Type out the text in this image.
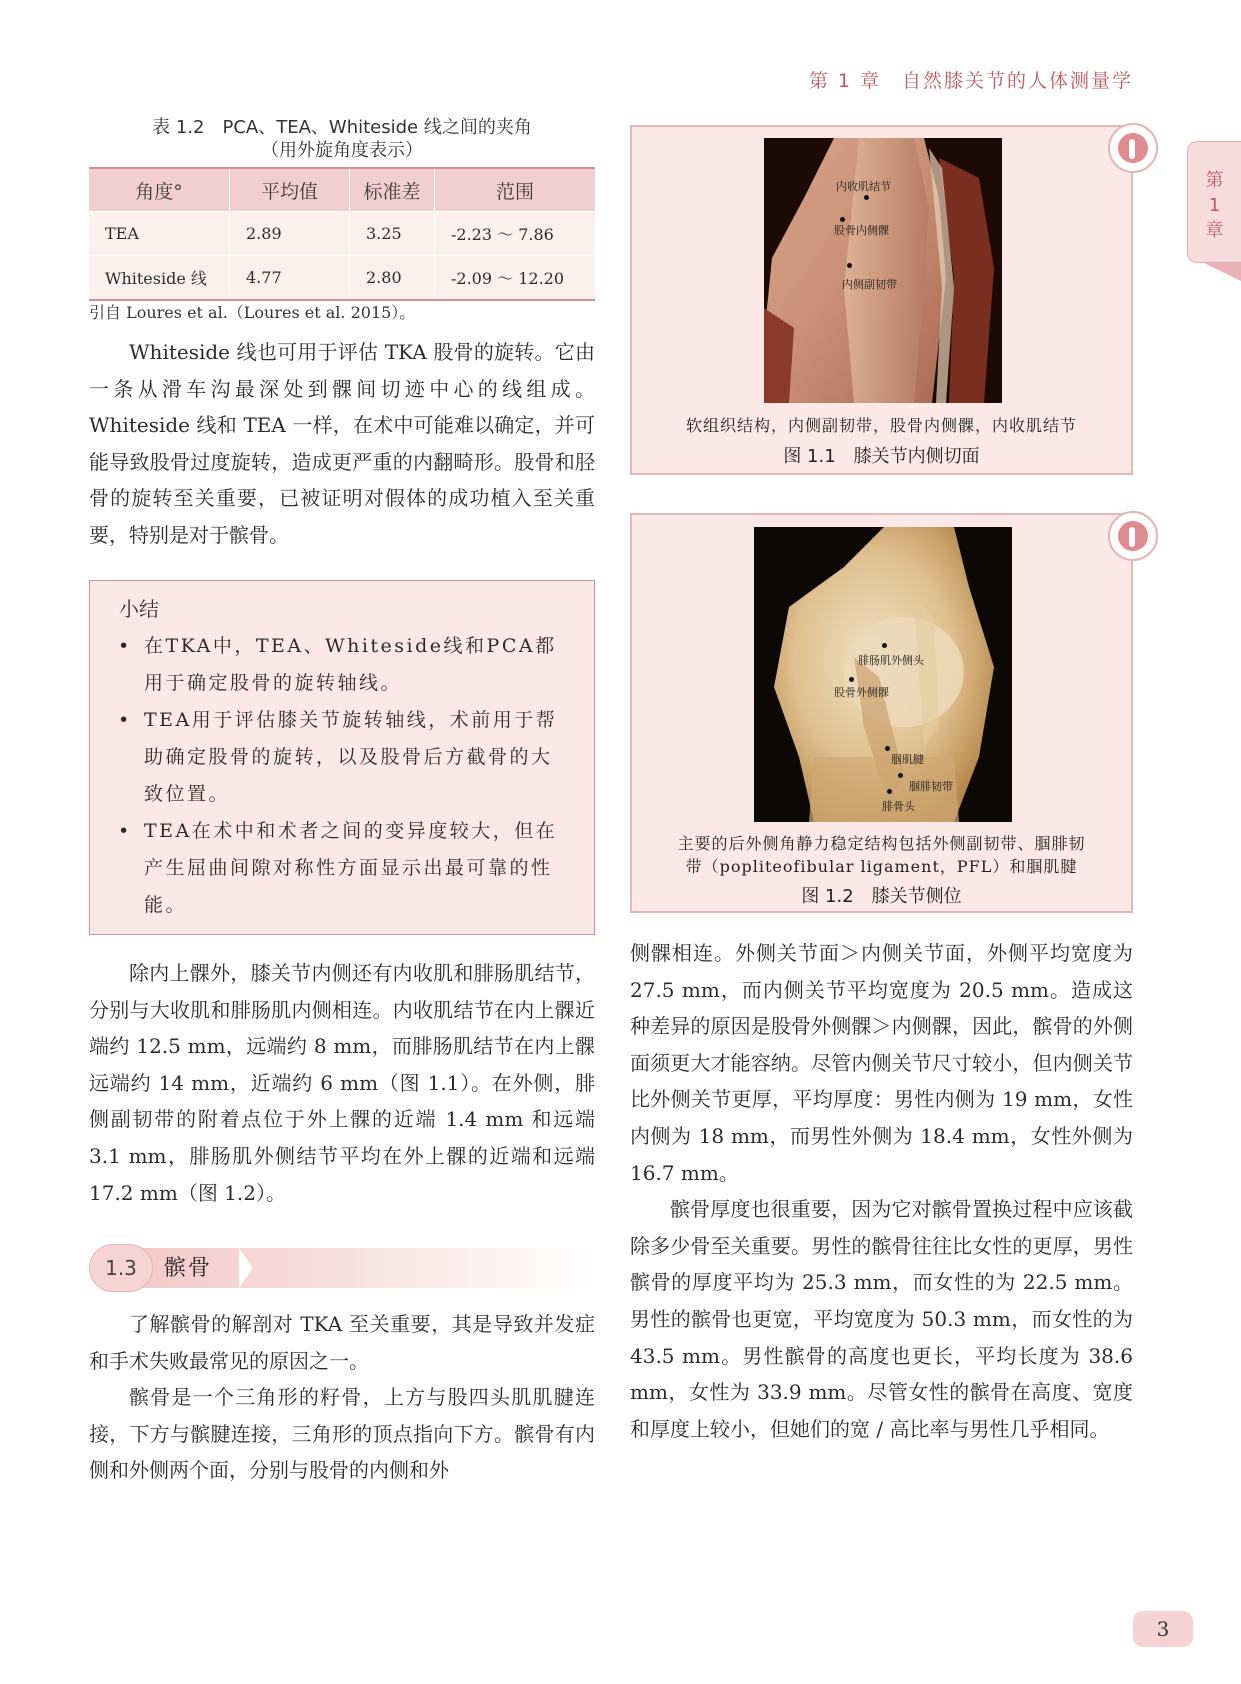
第 1 章　自然膝关节的人体测量学
第
1
章
表 1.2　PCA、TEA、Whiteside 线之间的夹角
（用外旋角度表示）
角度°	平均值	标准差	范围
TEA	2.89	3.25	-2.23 ～ 7.86
Whiteside 线	4.77	2.80	-2.09 ～ 12.20
引自 Loures et al.（Loures et al. 2015）。

Whiteside 线也可用于评估 TKA 股骨的旋转。它由一条从滑车沟最深处到髁间切迹中心的线组成。Whiteside 线和 TEA 一样，在术中可能难以确定，并可能导致股骨过度旋转，造成更严重的内翻畸形。股骨和胫骨的旋转至关重要，已被证明对假体的成功植入至关重要，特别是对于髌骨。

小结
• 在TKA中，TEA、Whiteside线和PCA都用于确定股骨的旋转轴线。
• TEA用于评估膝关节旋转轴线，术前用于帮助确定股骨的旋转，以及股骨后方截骨的大致位置。
• TEA在术中和术者之间的变异度较大，但在产生屈曲间隙对称性方面显示出最可靠的性能。

除内上髁外，膝关节内侧还有内收肌和腓肠肌结节，分别与大收肌和腓肠肌内侧相连。内收肌结节在内上髁近端约 12.5 mm，远端约 8 mm，而腓肠肌结节在内上髁远端约 14 mm，近端约 6 mm（图 1.1）。在外侧，腓侧副韧带的附着点位于外上髁的近端 1.4 mm 和远端 3.1 mm，腓肠肌外侧结节平均在外上髁的近端和远端 17.2 mm（图 1.2）。

1.3	髌骨

了解髌骨的解剖对 TKA 至关重要，其是导致并发症和手术失败最常见的原因之一。

髌骨是一个三角形的籽骨，上方与股四头肌肌腱连接，下方与髌腱连接，三角形的顶点指向下方。髌骨有内侧和外侧两个面，分别与股骨的内侧和外

内收肌结节
股骨内侧髁
内侧副韧带
软组织结构，内侧副韧带，股骨内侧髁，内收肌结节
图 1.1　膝关节内侧切面
腓肠肌外侧头
股骨外侧髁
腘肌腱
腘腓韧带
腓骨头
主要的后外侧角静力稳定结构包括外侧副韧带、腘腓韧
带（popliteofibular ligament，PFL）和腘肌腱
图 1.2　膝关节侧位

侧髁相连。外侧关节面＞内侧关节面，外侧平均宽度为 27.5 mm，而内侧关节平均宽度为 20.5 mm。造成这种差异的原因是股骨外侧髁＞内侧髁，因此，髌骨的外侧面须更大才能容纳。尽管内侧关节尺寸较小，但内侧关节比外侧关节更厚，平均厚度：男性内侧为 19 mm，女性内侧为 18 mm，而男性外侧为 18.4 mm，女性外侧为 16.7 mm。

髌骨厚度也很重要，因为它对髌骨置换过程中应该截除多少骨至关重要。男性的髌骨往往比女性的更厚，男性髌骨的厚度平均为 25.3 mm，而女性的为 22.5 mm。男性的髌骨也更宽，平均宽度为 50.3 mm，而女性的为 43.5 mm。男性髌骨的高度也更长，平均长度为 38.6 mm，女性为 33.9 mm。尽管女性的髌骨在高度、宽度和厚度上较小，但她们的宽 / 高比率与男性几乎相同。

3
